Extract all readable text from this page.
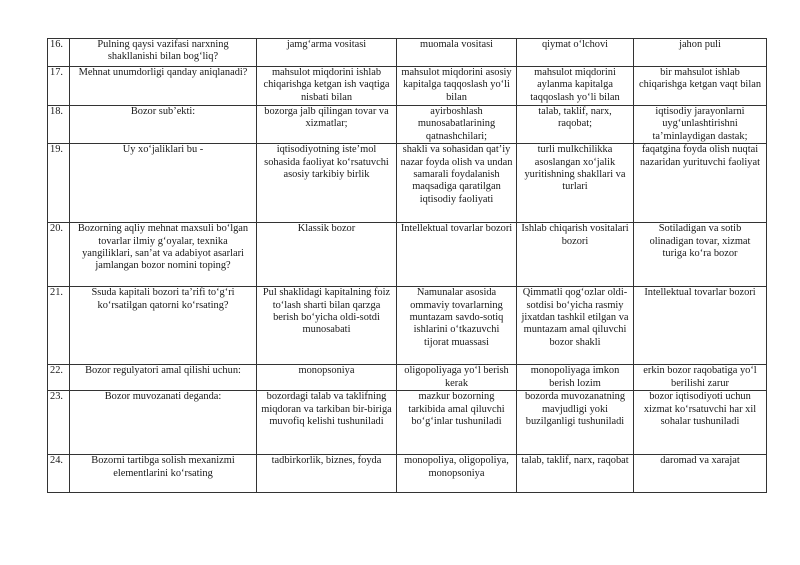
16.	Pulning qaysi vazifasi narxning shakllanishi bilan bog‘liq?	jamg‘arma vositasi	muomala vositasi	qiymat o‘lchovi	jahon puli
17.	Mehnat unumdorligi qanday aniqlanadi?	mahsulot miqdorini ishlab chiqarishga ketgan ish vaqtiga nisbati bilan	mahsulot miqdorini asosiy kapitalga taqqoslash yo‘li bilan	mahsulot miqdorini aylanma kapitalga taqqoslash yo‘li bilan	bir mahsulot ishlab chiqarishga ketgan vaqt bilan
18.	Bozor sub’ekti:	bozorga jalb qilingan tovar va xizmatlar;	ayirboshlash munosabatlarining qatnashchilari;	talab, taklif, narx, raqobat;	iqtisodiy jarayonlarni uyg‘unlashtirishni ta’minlaydigan dastak;
19.	Uy xo‘jaliklari bu -	iqtisodiyotning iste’mol sohasida faoliyat ko‘rsatuvchi asosiy tarkibiy birlik	shakli va sohasidan qat’iy nazar foyda olish va undan samarali foydalanish maqsadiga qaratilgan iqtisodiy faoliyati	turli mulkchilikka asoslangan xo‘jalik yuritishning shakllari va turlari	faqatgina foyda olish nuqtai nazaridan yurituvchi faoliyat
20.	Bozorning aqliy mehnat maxsuli bo‘lgan tovarlar ilmiy g‘oyalar, texnika yangiliklari, san’at va adabiyot asarlari jamlangan bozor nomini toping?	Klassik bozor	Intellektual tovarlar bozori	Ishlab chiqarish vositalari bozori	Sotiladigan va sotib olinadigan tovar, xizmat turiga ko‘ra bozor
21.	Ssuda kapitali bozori ta’rifi to‘g‘ri ko‘rsatilgan qatorni ko‘rsating?	Pul shaklidagi kapitalning foiz to‘lash sharti bilan qarzga berish bo‘yicha oldi-sotdi munosabati	Namunalar asosida ommaviy tovarlarning muntazam savdo-sotiq ishlarini o‘tkazuvchi tijorat muassasi	Qimmatli qog‘ozlar oldi-sotdisi bo‘yicha rasmiy jixatdan tashkil etilgan va muntazam amal qiluvchi bozor shakli	Intellektual tovarlar bozori
22.	Bozor regulyatori amal qilishi uchun:	monopsoniya	oligopoliyaga yo‘l berish kerak	monopoliyaga imkon berish lozim	erkin bozor raqobatiga yo‘l berilishi zarur
23.	Bozor muvozanati deganda:	bozordagi talab va taklifning miqdoran va tarkiban bir-biriga muvofiq kelishi tushuniladi	mazkur bozorning tarkibida amal qiluvchi bo‘g‘inlar tushuniladi	bozorda muvozanatning mavjudligi yoki buzilganligi tushuniladi	bozor iqtisodiyoti uchun xizmat ko‘rsatuvchi har xil sohalar tushuniladi
24.	Bozorni tartibga solish mexanizmi elementlarini ko‘rsating	tadbirkorlik, biznes, foyda	monopoliya, oligopoliya, monopsoniya	talab, taklif, narx, raqobat	daromad va xarajat
